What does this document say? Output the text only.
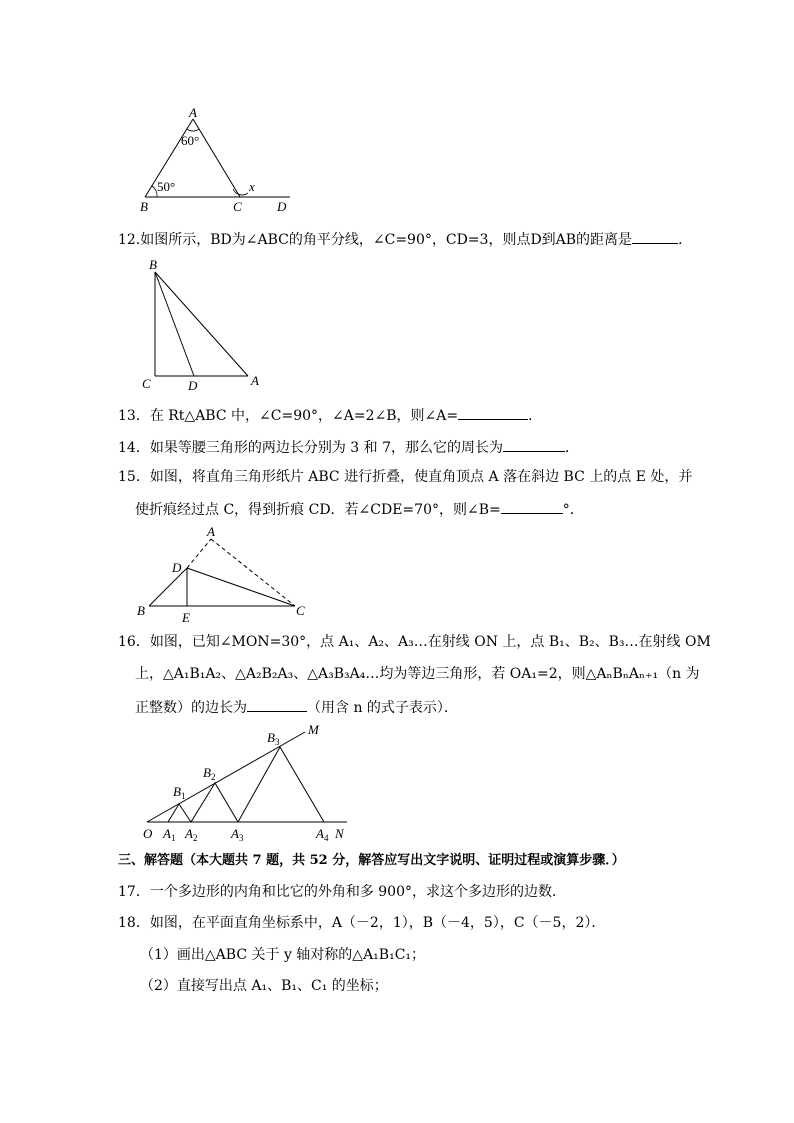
A
60°
50°
B	C	D
x
12.如图所示，BD为∠ABC的角平分线，∠C=90°，CD=3，则点D到AB的距离是	．
B
C	D	A
13．在 Rt△ABC 中，∠C=90°，∠A=2∠B，则∠A=	．
14．如果等腰三角形的两边长分别为 3 和 7，那么它的周长为	．
15．如图，将直角三角形纸片 ABC 进行折叠，使直角顶点 A 落在斜边 BC 上的点 E 处，并
使折痕经过点 C，得到折痕 CD．若∠CDE=70°，则∠B=	°．
A
D
B	E	C
16．如图，已知∠MON=30°，点 A₁、A₂、A₃…在射线 ON 上，点 B₁、B₂、B₃…在射线 OM
上，△A₁B₁A₂、△A₂B₂A₃、△A₃B₃A₄…均为等边三角形，若 OA₁=2，则△AₙBₙAₙ₊₁（n 为
正整数）的边长为	（用含 n 的式子表示）．
O
M
N
$A_1$ $A_2$	$A_3$	$A_4$
$B_1$
$B_2$
$B_3$
三、解答题（本大题共 7 题，共 52 分，解答应写出文字说明、证明过程或演算步骤．）
17．一个多边形的内角和比它的外角和多 900°，求这个多边形的边数．
18．如图，在平面直角坐标系中，A（－2，1），B（－4，5），C（－5，2）．
（1）画出△ABC 关于 y 轴对称的△A₁B₁C₁；
（2）直接写出点 A₁、B₁、C₁ 的坐标；
